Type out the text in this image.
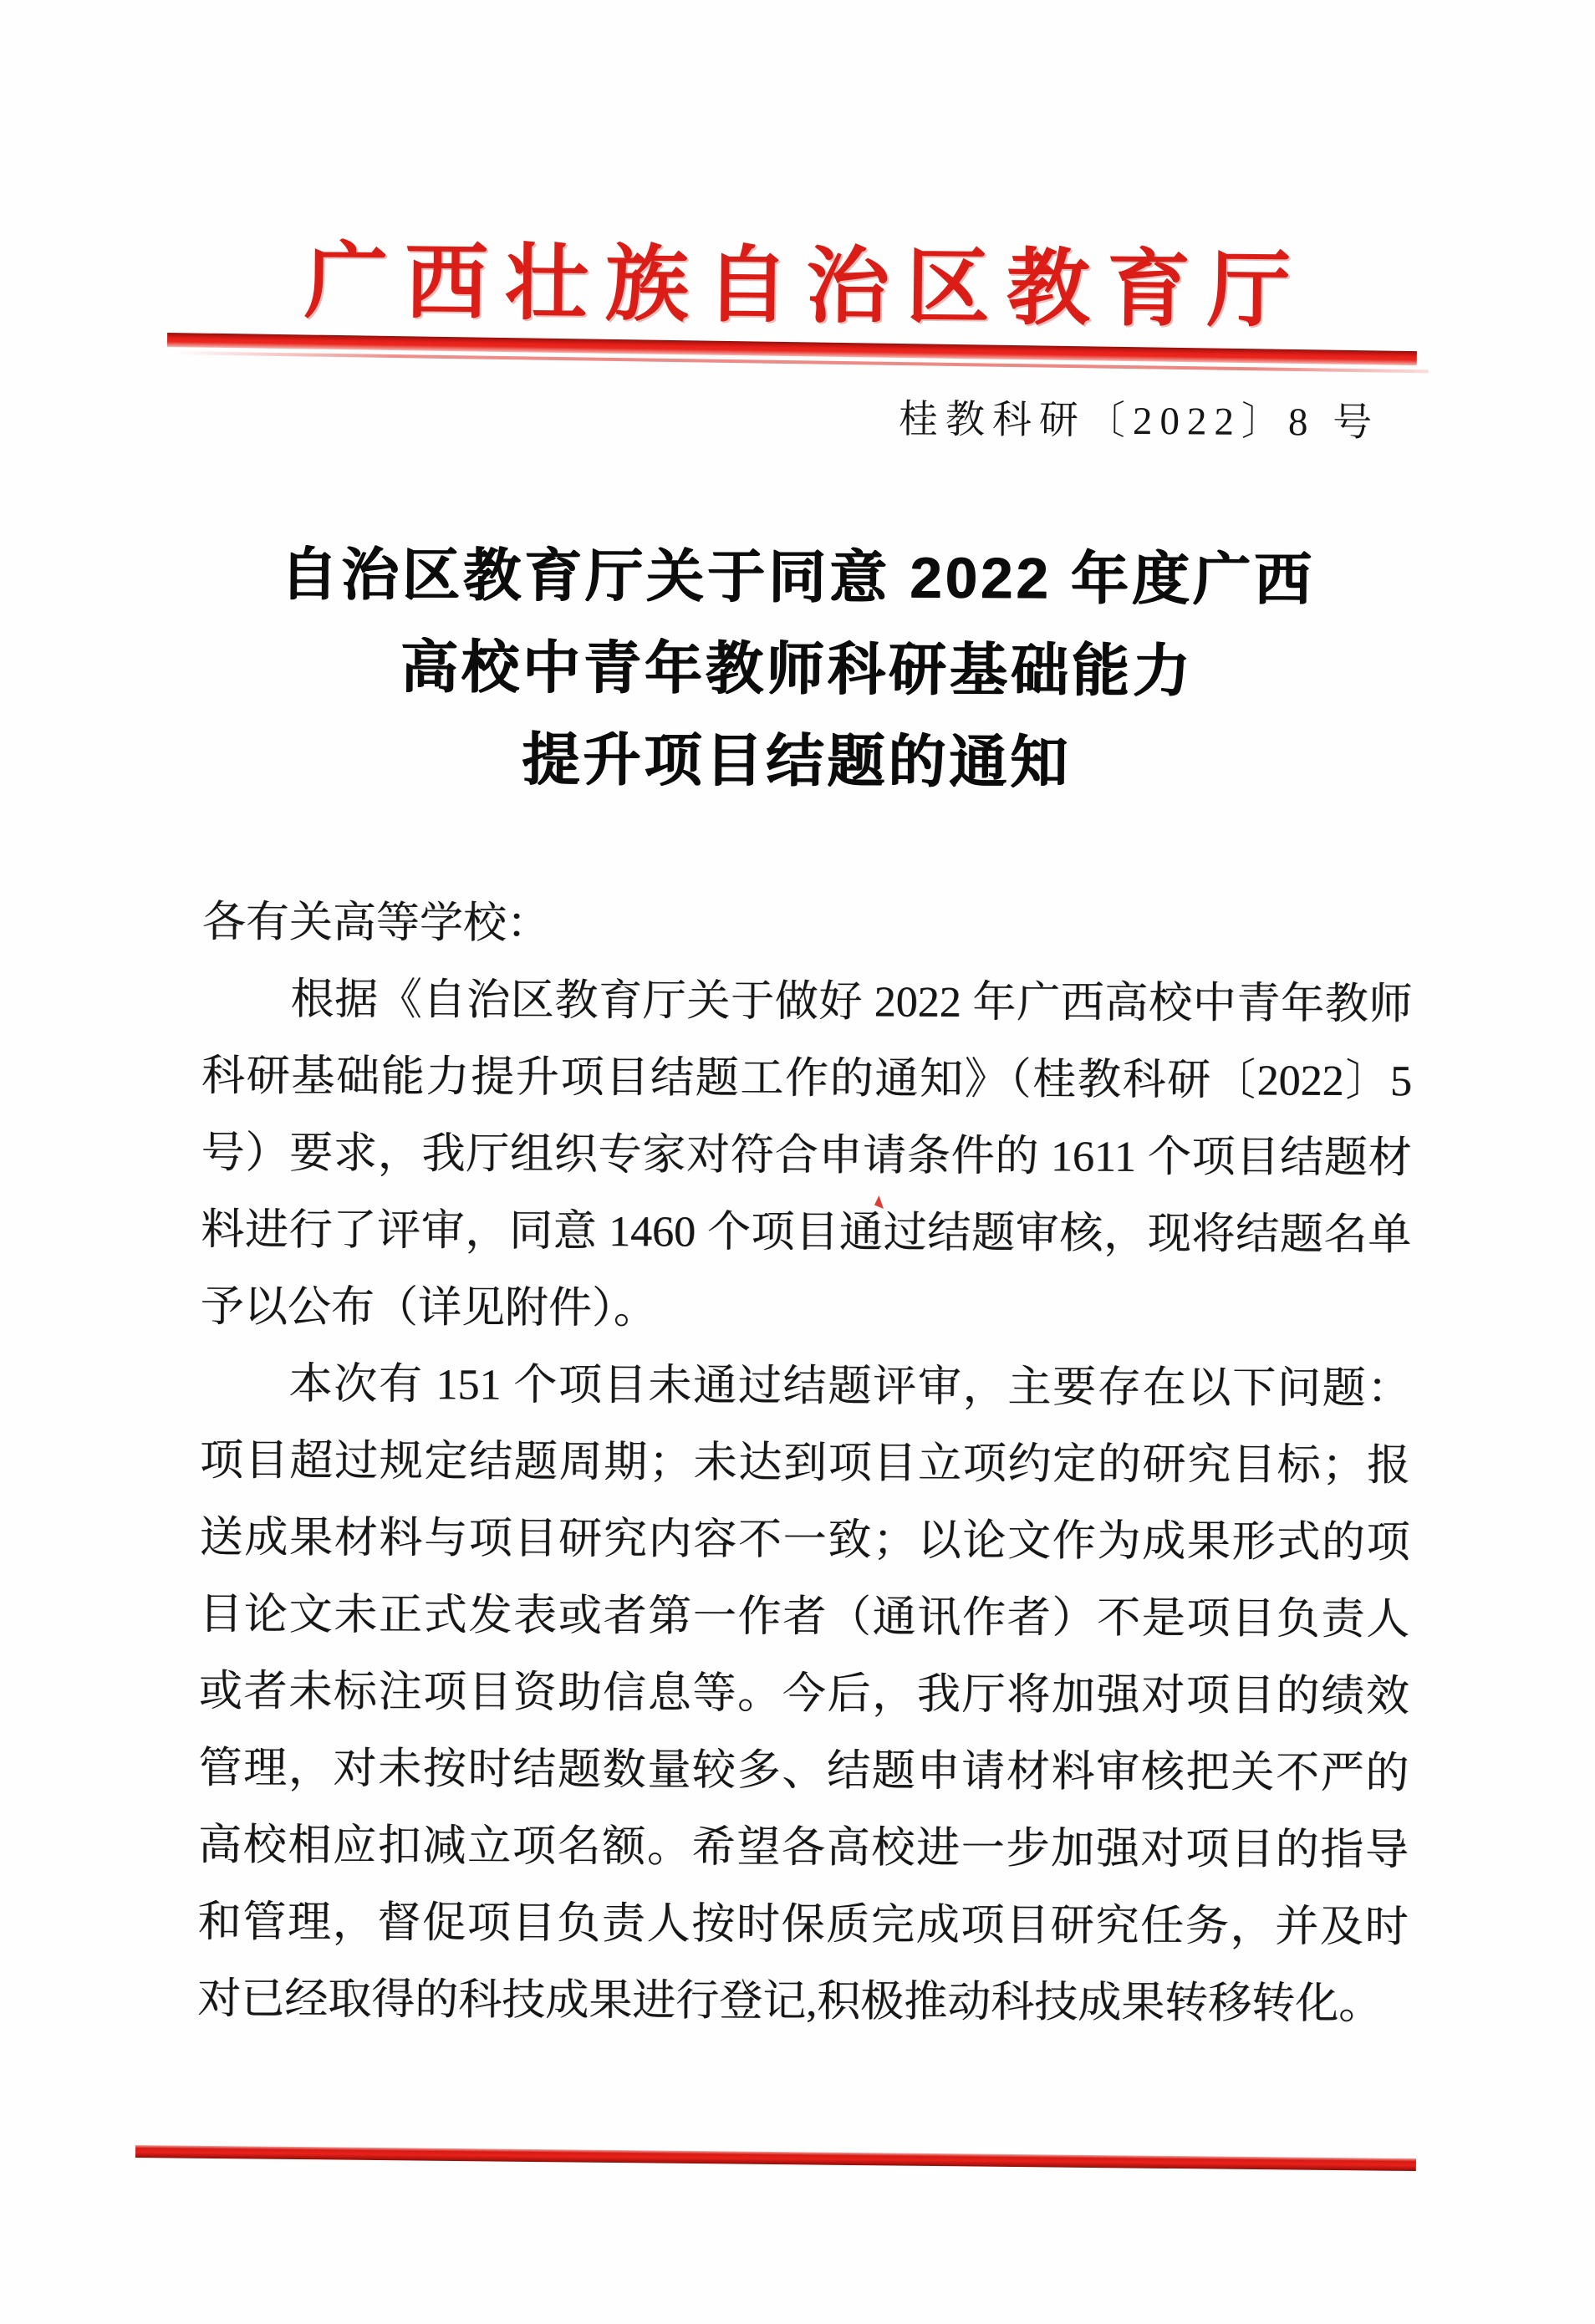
广西壮族自治区教育厅
桂教科研〔2022〕8 号
自治区教育厅关于同意 2022 年度广西
高校中青年教师科研基础能力
提升项目结题的通知

各有关高等学校：

根据《自治区教育厅关于做好 2022 年广西高校中青年教师科研基础能力提升项目结题工作的通知》（桂教科研〔2022〕5 号）要求，我厅组织专家对符合申请条件的 1611 个项目结题材料进行了评审，同意 1460 个项目通过结题审核，现将结题名单予以公布（详见附件）。

本次有 151 个项目未通过结题评审，主要存在以下问题：项目超过规定结题周期；未达到项目立项约定的研究目标；报送成果材料与项目研究内容不一致；以论文作为成果形式的项目论文未正式发表或者第一作者（通讯作者）不是项目负责人或者未标注项目资助信息等。今后，我厅将加强对项目的绩效管理，对未按时结题数量较多、结题申请材料审核把关不严的高校相应扣减立项名额。希望各高校进一步加强对项目的指导和管理，督促项目负责人按时保质完成项目研究任务，并及时对已经取得的科技成果进行登记,积极推动科技成果转移转化。
